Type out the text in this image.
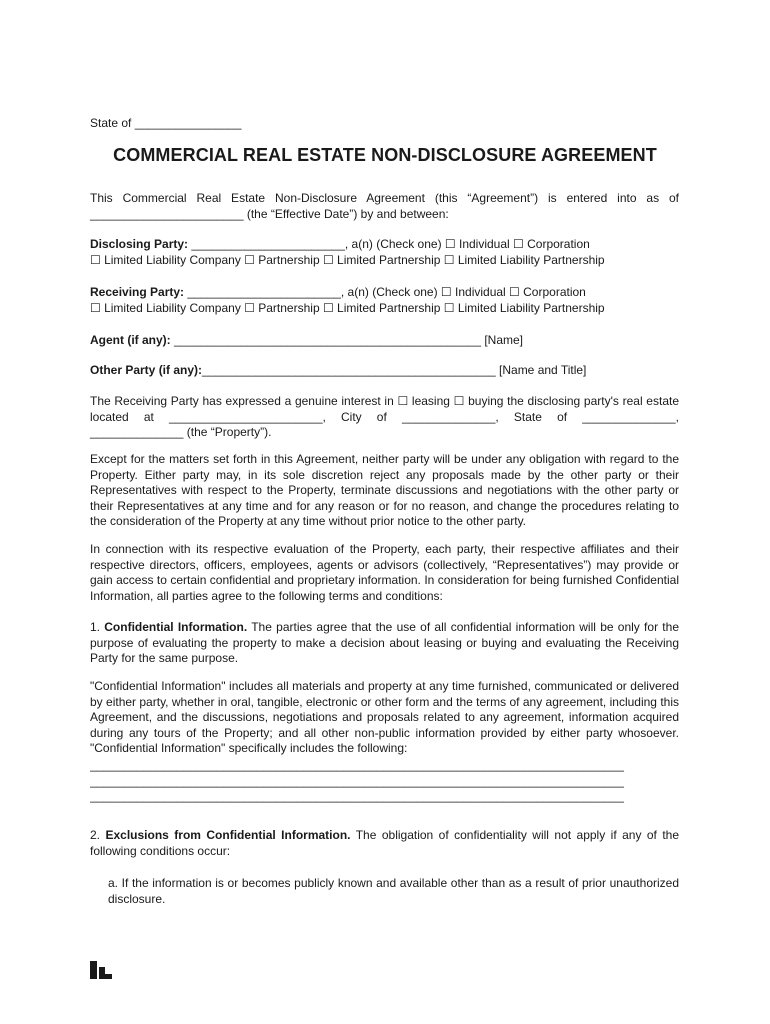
State of ________________
COMMERCIAL REAL ESTATE NON-DISCLOSURE AGREEMENT
This Commercial Real Estate Non-Disclosure Agreement (this “Agreement”) is entered into as of _______________________ (the “Effective Date”) by and between:
Disclosing Party: _______________________, a(n) (Check one) ☐ Individual ☐ Corporation
☐ Limited Liability Company ☐ Partnership ☐ Limited Partnership ☐ Limited Liability Partnership
Receiving Party: _______________________, a(n) (Check one) ☐ Individual ☐ Corporation
☐ Limited Liability Company ☐ Partnership ☐ Limited Partnership ☐ Limited Liability Partnership
Agent (if any): ______________________________________________ [Name]
Other Party (if any):____________________________________________ [Name and Title]
The Receiving Party has expressed a genuine interest in ☐ leasing ☐ buying the disclosing party's real estate located at _______________________, City of ______________, State of ______________, ______________ (the “Property”).
Except for the matters set forth in this Agreement, neither party will be under any obligation with regard to the Property. Either party may, in its sole discretion reject any proposals made by the other party or their Representatives with respect to the Property, terminate discussions and negotiations with the other party or their Representatives at any time and for any reason or for no reason, and change the procedures relating to the consideration of the Property at any time without prior notice to the other party.
In connection with its respective evaluation of the Property, each party, their respective affiliates and their respective directors, officers, employees, agents or advisors (collectively, “Representatives”) may provide or gain access to certain confidential and proprietary information. In consideration for being furnished Confidential Information, all parties agree to the following terms and conditions:
1. Confidential Information. The parties agree that the use of all confidential information will be only for the purpose of evaluating the property to make a decision about leasing or buying and evaluating the Receiving Party for the same purpose.
"Confidential Information" includes all materials and property at any time furnished, communicated or delivered by either party, whether in oral, tangible, electronic or other form and the terms of any agreement, including this Agreement, and the discussions, negotiations and proposals related to any agreement, information acquired during any tours of the Property; and all other non-public information provided by either party whosoever. "Confidential Information" specifically includes the following:
________________________________________________________________________________
________________________________________________________________________________
________________________________________________________________________________
2. Exclusions from Confidential Information. The obligation of confidentiality will not apply if any of the following conditions occur:
a. If the information is or becomes publicly known and available other than as a result of prior unauthorized disclosure.
